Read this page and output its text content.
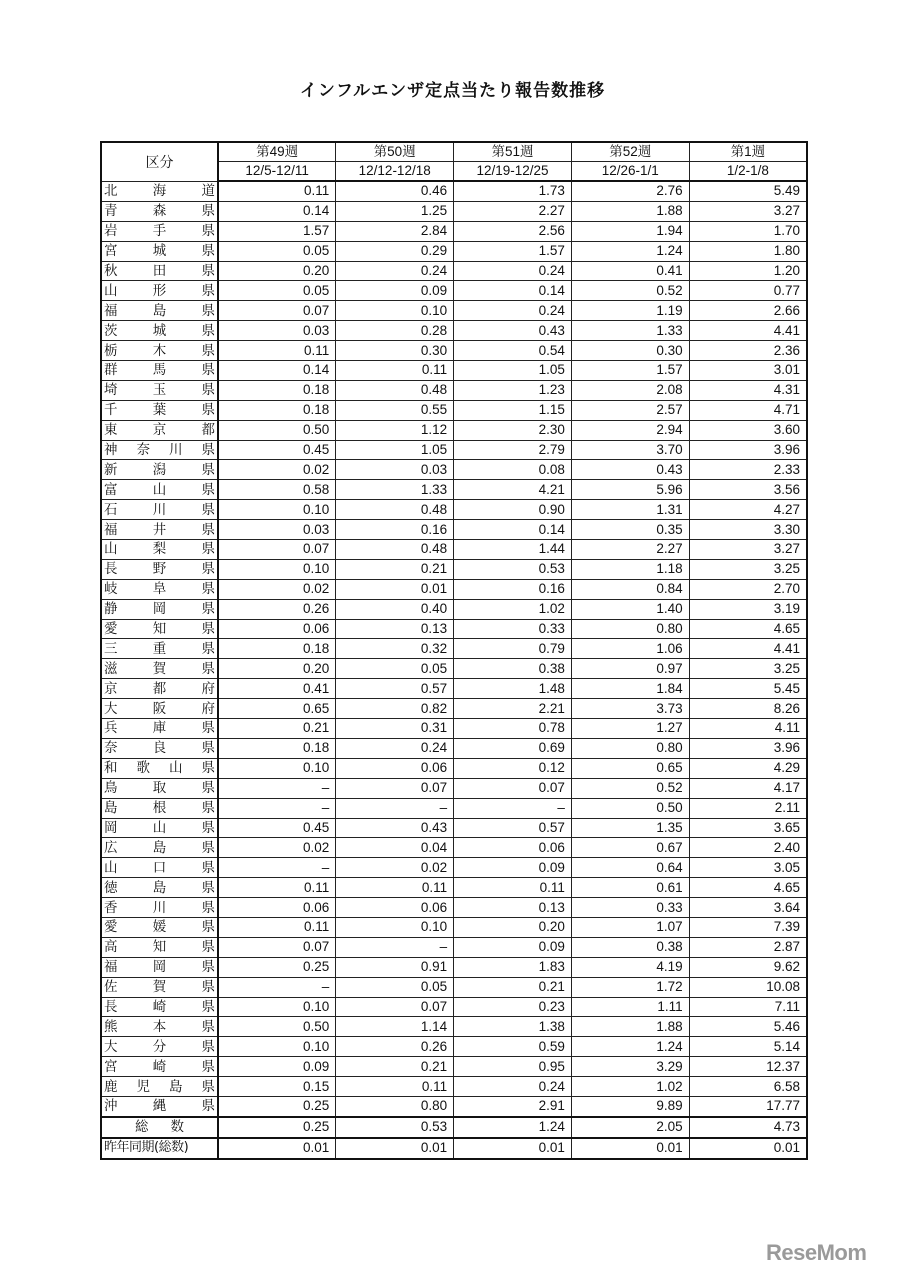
インフルエンザ定点当たり報告数推移
区分	第49週	第50週	第51週	第52週	第1週
	12/5-12/11	12/12-12/18	12/19-12/25	12/26-1/1	1/2-1/8

北海道	0.11	0.46	1.73	2.76	5.49

青森県	0.14	1.25	2.27	1.88	3.27

岩手県	1.57	2.84	2.56	1.94	1.70

宮城県	0.05	0.29	1.57	1.24	1.80

秋田県	0.20	0.24	0.24	0.41	1.20

山形県	0.05	0.09	0.14	0.52	0.77

福島県	0.07	0.10	0.24	1.19	2.66

茨城県	0.03	0.28	0.43	1.33	4.41

栃木県	0.11	0.30	0.54	0.30	2.36

群馬県	0.14	0.11	1.05	1.57	3.01

埼玉県	0.18	0.48	1.23	2.08	4.31

千葉県	0.18	0.55	1.15	2.57	4.71

東京都	0.50	1.12	2.30	2.94	3.60

神奈川県	0.45	1.05	2.79	3.70	3.96

新潟県	0.02	0.03	0.08	0.43	2.33

富山県	0.58	1.33	4.21	5.96	3.56

石川県	0.10	0.48	0.90	1.31	4.27

福井県	0.03	0.16	0.14	0.35	3.30

山梨県	0.07	0.48	1.44	2.27	3.27

長野県	0.10	0.21	0.53	1.18	3.25

岐阜県	0.02	0.01	0.16	0.84	2.70

静岡県	0.26	0.40	1.02	1.40	3.19

愛知県	0.06	0.13	0.33	0.80	4.65

三重県	0.18	0.32	0.79	1.06	4.41

滋賀県	0.20	0.05	0.38	0.97	3.25

京都府	0.41	0.57	1.48	1.84	5.45

大阪府	0.65	0.82	2.21	3.73	8.26

兵庫県	0.21	0.31	0.78	1.27	4.11

奈良県	0.18	0.24	0.69	0.80	3.96

和歌山県	0.10	0.06	0.12	0.65	4.29

鳥取県	–	0.07	0.07	0.52	4.17

島根県	–	–	–	0.50	2.11

岡山県	0.45	0.43	0.57	1.35	3.65

広島県	0.02	0.04	0.06	0.67	2.40

山口県	–	0.02	0.09	0.64	3.05

徳島県	0.11	0.11	0.11	0.61	4.65

香川県	0.06	0.06	0.13	0.33	3.64

愛媛県	0.11	0.10	0.20	1.07	7.39

高知県	0.07	–	0.09	0.38	2.87

福岡県	0.25	0.91	1.83	4.19	9.62

佐賀県	–	0.05	0.21	1.72	10.08

長崎県	0.10	0.07	0.23	1.11	7.11

熊本県	0.50	1.14	1.38	1.88	5.46

大分県	0.10	0.26	0.59	1.24	5.14

宮崎県	0.09	0.21	0.95	3.29	12.37

鹿児島県	0.15	0.11	0.24	1.02	6.58

沖縄県	0.25	0.80	2.91	9.89	17.77

総 数	0.25	0.53	1.24	2.05	4.73

昨年同期(総数)	0.01	0.01	0.01	0.01	0.01
ReseMom
